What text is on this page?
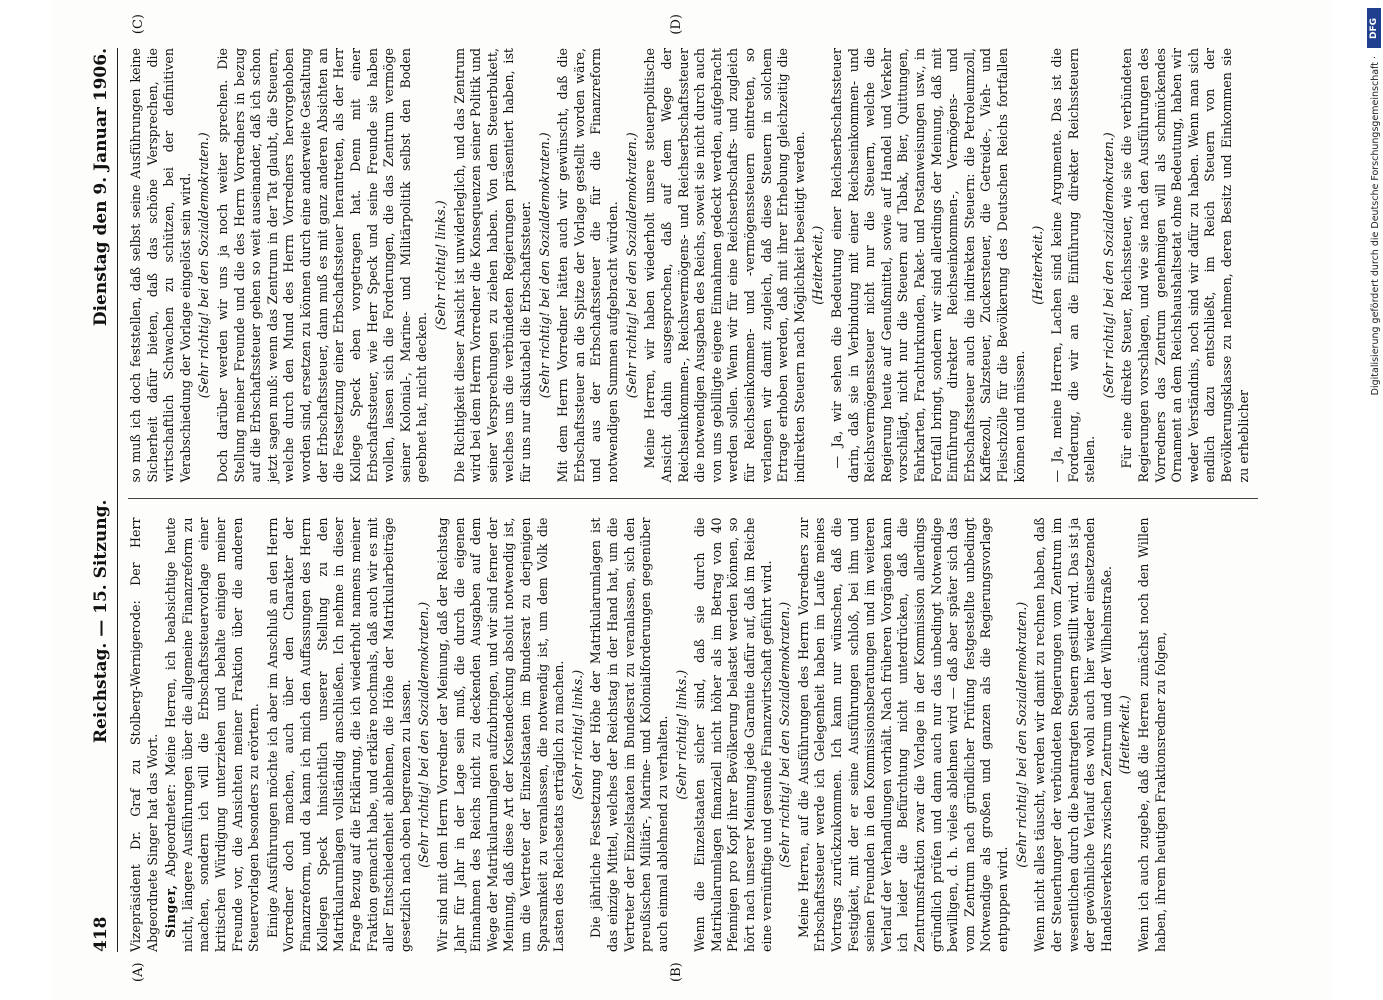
418
Reichstag. — 15. Sitzung.
Dienstag den 9. Januar 1906.
(A)	(B)

Vizepräsident Dr. Graf zu Stolberg-Wernigerode: Der Herr Abgeordnete Singer hat das Wort. Singer, Abgeordneter: Meine Herren, ich beabsichtige heute nicht, längere Ausführungen über die allgemeine Finanzreform zu machen, sondern ich will die Erbschaftssteuervorlage einer kritischen Würdigung unterziehen und behalte einigen meiner Freunde vor, die Ansichten meiner Fraktion über die anderen Steuervorlagen besonders zu erörtern. Einige Ausführungen möchte ich aber im Anschluß an den Herrn Vorredner doch machen, auch über den Charakter der Finanzreform, und da kann ich mich den Auffassungen des Herrn Kollegen Speck hinsichtlich unserer Stellung zu den Matrikularumlagen vollständig anschließen. Ich nehme in dieser Frage Bezug auf die Erklärung, die ich wiederholt namens meiner Fraktion gemacht habe, und erkläre nochmals, daß auch wir es mit aller Entschiedenheit ablehnen, die Höhe der Matrikularbeiträge gesetzlich nach oben begrenzen zu lassen. (Sehr richtig! bei den Sozialdemokraten.) Wir sind mit dem Herrn Vorredner der Meinung, daß der Reichstag Jahr für Jahr in der Lage sein muß, die durch die eigenen Einnahmen des Reichs nicht zu deckenden Ausgaben auf dem Wege der Matrikularumlagen aufzubringen, und wir sind ferner der Meinung, daß diese Art der Kostendeckung absolut notwendig ist, um die Vertreter der Einzelstaaten im Bundesrat zu derjenigen Sparsamkeit zu veranlassen, die notwendig ist, um dem Volk die Lasten des Reichsetats erträglich zu machen. (Sehr richtig! links.) Die jährliche Festsetzung der Höhe der Matrikularumlagen ist das einzige Mittel, welches der Reichstag in der Hand hat, um die Vertreter der Einzelstaaten im Bundesrat zu veranlassen, sich den preußischen Militär-, Marine- und Kolonialforderungen gegenüber auch einmal ablehnend zu verhalten. (Sehr richtig! links.) Wenn die Einzelstaaten sicher sind, daß sie durch die Matrikularumlagen finanziell nicht höher als im Betrag von 40 Pfennigen pro Kopf ihrer Bevölkerung belastet werden können, so hört nach unserer Meinung jede Garantie dafür auf, daß im Reiche eine vernünftige und gesunde Finanzwirtschaft geführt wird. (Sehr richtig! bei den Sozialdemokraten.) Meine Herren, auf die Ausführungen des Herrn Vorredners zur Erbschaftssteuer werde ich Gelegenheit haben im Laufe meines Vortrags zurückzukommen. Ich kann nur wünschen, daß die Festigkeit, mit der er seine Ausführungen schloß, bei ihm und seinen Freunden in den Kommissionsberatungen und im weiteren Verlauf der Verhandlungen vorhält. Nach früheren Vorgängen kann ich leider die Befürchtung nicht unterdrücken, daß die Zentrumsfraktion zwar die Vorlage in der Kommission allerdings gründlich prüfen und dann auch nur das unbedingt Notwendige bewilligen, d. h. vieles ablehnen wird — daß aber später sich das vom Zentrum nach gründlicher Prüfung festgestellte unbedingt Notwendige als großen und ganzen als die Regierungsvorlage entpuppen wird.

(Sehr richtig! bei den Sozialdemokraten.) Wenn nicht alles täuscht, werden wir damit zu rechnen haben, daß der Steuerhunger der verbündeten Regierungen vom Zentrum im wesentlichen durch die beantragten Steuern gestillt wird. Das ist ja der gewöhnliche Verlauf des wohl auch hier wieder einsetzenden Handelsverkehrs zwischen Zentrum und der Wilhelmstraße. (Heiterkeit.) Wenn ich auch zugebe, daß die Herren zunächst noch den Willen haben, ihrem heutigen Fraktionsredner zu folgen,

(C)	(D)

so muß ich doch feststellen, daß selbst seine Ausführungen keine Sicherheit dafür bieten, daß das schöne Versprechen, die wirtschaftlich Schwachen zu schützen, bei der definitiven Verabschiedung der Vorlage eingelöst sein wird. (Sehr richtig! bei den Sozialdemokraten.) Doch darüber werden wir uns ja noch weiter sprechen. Die Stellung meiner Freunde und die des Herrn Vorredners in bezug auf die Erbschaftssteuer gehen so weit auseinander, daß ich schon jetzt sagen muß: wenn das Zentrum in der Tat glaubt, die Steuern, welche durch den Mund des Herrn Vorredners hervorgehoben worden sind, ersetzen zu können durch eine anderweite Gestaltung der Erbschaftssteuer, dann muß es mit ganz anderen Absichten an die Festsetzung einer Erbschaftssteuer herantreten, als der Herr Kollege Speck eben vorgetragen hat. Denn mit einer Erbschaftssteuer, wie Herr Speck und seine Freunde sie haben wollen, lassen sich die Forderungen, die das Zentrum vermöge seiner Kolonial-, Marine- und Militärpolitik selbst den Boden geebnet hat, nicht decken.

(Sehr richtig! links.) Die Richtigkeit dieser Ansicht ist unwiderleglich, und das Zentrum wird bei dem Herrn Vorredner die Konsequenzen seiner Politik und seiner Versprechungen zu ziehen haben. Von dem Steuerbukett, welches uns die verbündeten Regierungen präsentiert haben, ist für uns nur diskutabel die Erbschaftssteuer. (Sehr richtig! bei den Sozialdemokraten.) Mit dem Herrn Vorredner hätten auch wir gewünscht, daß die Erbschaftssteuer an die Spitze der Vorlage gestellt worden wäre, und aus der Erbschaftssteuer die für die Finanzreform notwendigen Summen aufgebracht würden. (Sehr richtig! bei den Sozialdemokraten.) Meine Herren, wir haben wiederholt unsere steuerpolitische Ansicht dahin ausgesprochen, daß auf dem Wege der Reichseinkommen-, Reichsvermögens- und Reichserbschaftssteuer die notwendigen Ausgaben des Reichs, soweit sie nicht durch auch von uns gebilligte eigene Einnahmen gedeckt werden, aufgebracht werden sollen. Wenn wir für eine Reichserbschafts- und zugleich für Reichseinkommen- und -vermögenssteuern eintreten, so verlangen wir damit zugleich, daß diese Steuern in solchem Ertrage erhoben werden, daß mit ihrer Erhebung gleichzeitig die indirekten Steuern nach Möglichkeit beseitigt werden. (Heiterkeit.) — Ja, wir sehen die Bedeutung einer Reichserbschaftssteuer darin, daß sie in Verbindung mit einer Reichseinkommen- und Reichsvermögenssteuer nicht nur die Steuern, welche die Regierung heute auf Genußmittel, sowie auf Handel und Verkehr vorschlägt, nicht nur die Steuern auf Tabak, Bier, Quittungen, Fahrkarten, Frachturkunden, Paket- und Postanweisungen usw., in Fortfall bringt, sondern wir sind allerdings der Meinung, daß mit Einführung direkter Reichseinkommen-, Vermögens- und Erbschaftssteuer auch die indirekten Steuern: die Petroleumzoll, Kaffeezoll, Salzsteuer, Zuckersteuer, die Getreide-, Vieh- und Fleischzölle für die Bevölkerung des Deutschen Reichs fortfallen können und müssen.

(Heiterkeit.) — Ja, meine Herren, Lachen sind keine Argumente. Das ist die Forderung, die wir an die Einführung direkter Reichssteuern stellen.

(Sehr richtig! bei den Sozialdemokraten.) Für eine direkte Steuer, Reichssteuer, wie sie die verbündeten Regierungen vorschlagen, und wie sie nach den Ausführungen des Vorredners das Zentrum genehmigen will als schmückendes Ornament an dem Reichshaushaltsetat ohne Bedeutung, haben wir weder Verständnis, noch sind wir dafür zu haben. Wenn man sich endlich dazu entschließt, im Reich Steuern von der Bevölkerungsklasse zu nehmen, deren Besitz und Einkommen sie zu erheblicher

DFG
Digitalisierung gefördert durch die Deutsche Forschungsgemeinschaft ·
